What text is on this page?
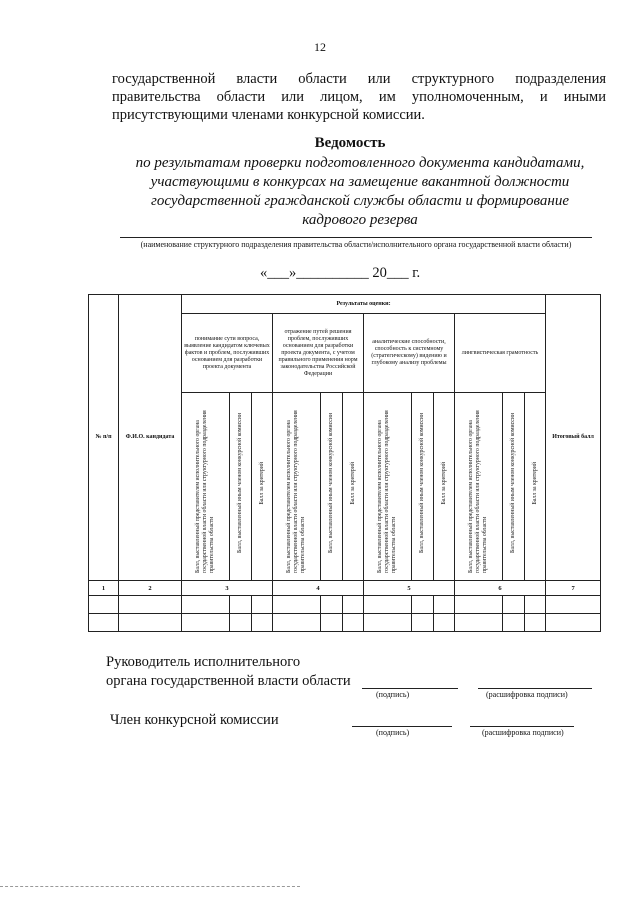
12
государственной власти области или структурного подразделения
правительства области или лицом, им уполномоченным, и иными
присутствующими членами конкурсной комиссии.
Ведомость
по результатам проверки подготовленного документа кандидатами,
участвующими в конкурсах на замещение вакантной должности
государственной гражданской службы области и формирование
кадрового резерва
(наименование структурного подразделения правительства области/исполнительного органа государственной власти области)
«___»__________ 20___ г.
№ п/п	Ф.И.О. кандидата	Результаты оценки:												Итоговый балл
		понимание сути вопроса, выявление кандидатом ключевых фактов и проблем, послуживших основанием для разработки проекта документа			отражение путей решения проблем, послуживших основанием для разработки проекта документа, с учетом правильного применения норм законодательства Российской Федерации			аналитические способности, способность к системному (стратегическому) видению и глубокому анализу проблемы			лингвистическая грамотность			
		Балл, выставленный представителем исполнительного органа государственной власти области или структурного подразделения правительства области	Балл, выставленный иным членом конкурсной комиссии	Балл за критерий	Балл, выставленный представителем исполнительного органа государственной власти области или структурного подразделения правительства области	Балл, выставленный иным членом конкурсной комиссии	Балл за критерий	Балл, выставленный представителем исполнительного органа государственной власти области или структурного подразделения правительства области	Балл, выставленный иным членом конкурсной комиссии	Балл за критерий	Балл, выставленный представителем исполнительного органа государственной власти области или структурного подразделения правительства области	Балл, выставленный иным членом конкурсной комиссии	Балл за критерий	
1	2	3			4			5			6			7

Руководитель исполнительного
органа государственной власти области
(подпись)	(расшифровка подписи)
Член конкурсной комиссии
(подпись)	(расшифровка подписи)
